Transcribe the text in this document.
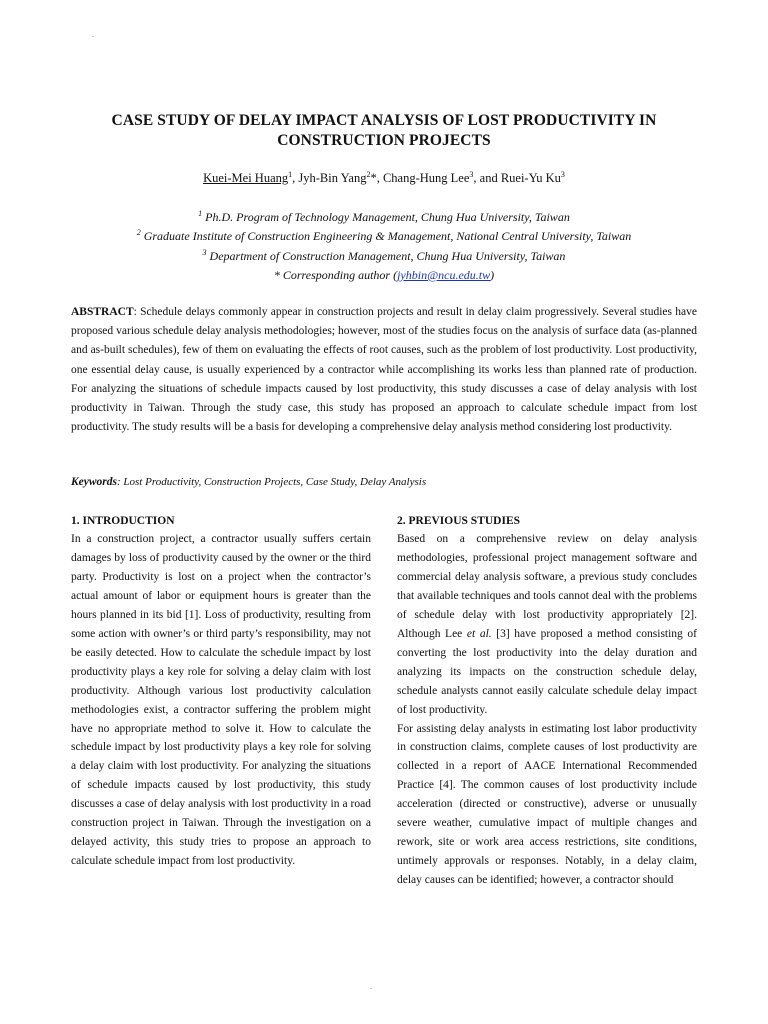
.
CASE STUDY OF DELAY IMPACT ANALYSIS OF LOST PRODUCTIVITY IN CONSTRUCTION PROJECTS
Kuei-Mei Huang$^1$, Jyh-Bin Yang$^2$*, Chang-Hung Lee$^3$, and Ruei-Yu Ku$^3$
$^1$ Ph.D. Program of Technology Management, Chung Hua University, Taiwan
$^2$ Graduate Institute of Construction Engineering & Management, National Central University, Taiwan
$^3$ Department of Construction Management, Chung Hua University, Taiwan
* Corresponding author (jyhbin@ncu.edu.tw)

ABSTRACT: Schedule delays commonly appear in construction projects and result in delay claim progressively. Several studies have proposed various schedule delay analysis methodologies; however, most of the studies focus on the analysis of surface data (as-planned and as-built schedules), few of them on evaluating the effects of root causes, such as the problem of lost productivity. Lost productivity, one essential delay cause, is usually experienced by a contractor while accomplishing its works less than planned rate of production. For analyzing the situations of schedule impacts caused by lost productivity, this study discusses a case of delay analysis with lost productivity in Taiwan. Through the study case, this study has proposed an approach to calculate schedule impact from lost productivity. The study results will be a basis for developing a comprehensive delay analysis method considering lost productivity.

Keywords: Lost Productivity, Construction Projects, Case Study, Delay Analysis
1. INTRODUCTION

In a construction project, a contractor usually suffers certain damages by loss of productivity caused by the owner or the third party. Productivity is lost on a project when the contractor’s actual amount of labor or equipment hours is greater than the hours planned in its bid [1]. Loss of productivity, resulting from some action with owner’s or third party’s responsibility, may not be easily detected. How to calculate the schedule impact by lost productivity plays a key role for solving a delay claim with lost productivity. Although various lost productivity calculation methodologies exist, a contractor suffering the problem might have no appropriate method to solve it. How to calculate the schedule impact by lost productivity plays a key role for solving a delay claim with lost productivity. For analyzing the situations of schedule impacts caused by lost productivity, this study discusses a case of delay analysis with lost productivity in a road construction project in Taiwan. Through the investigation on a delayed activity, this study tries to propose an approach to calculate schedule impact from lost productivity.

2. PREVIOUS STUDIES

Based on a comprehensive review on delay analysis methodologies, professional project management software and commercial delay analysis software, a previous study concludes that available techniques and tools cannot deal with the problems of schedule delay with lost productivity appropriately [2]. Although Lee et al. [3] have proposed a method consisting of converting the lost productivity into the delay duration and analyzing its impacts on the construction schedule delay, schedule analysts cannot easily calculate schedule delay impact of lost productivity.

For assisting delay analysts in estimating lost labor productivity in construction claims, complete causes of lost productivity are collected in a report of AACE International Recommended Practice [4]. The common causes of lost productivity include acceleration (directed or constructive), adverse or unusually severe weather, cumulative impact of multiple changes and rework, site or work area access restrictions, site conditions, untimely approvals or responses. Notably, in a delay claim, delay causes can be identified; however, a contractor should

.
